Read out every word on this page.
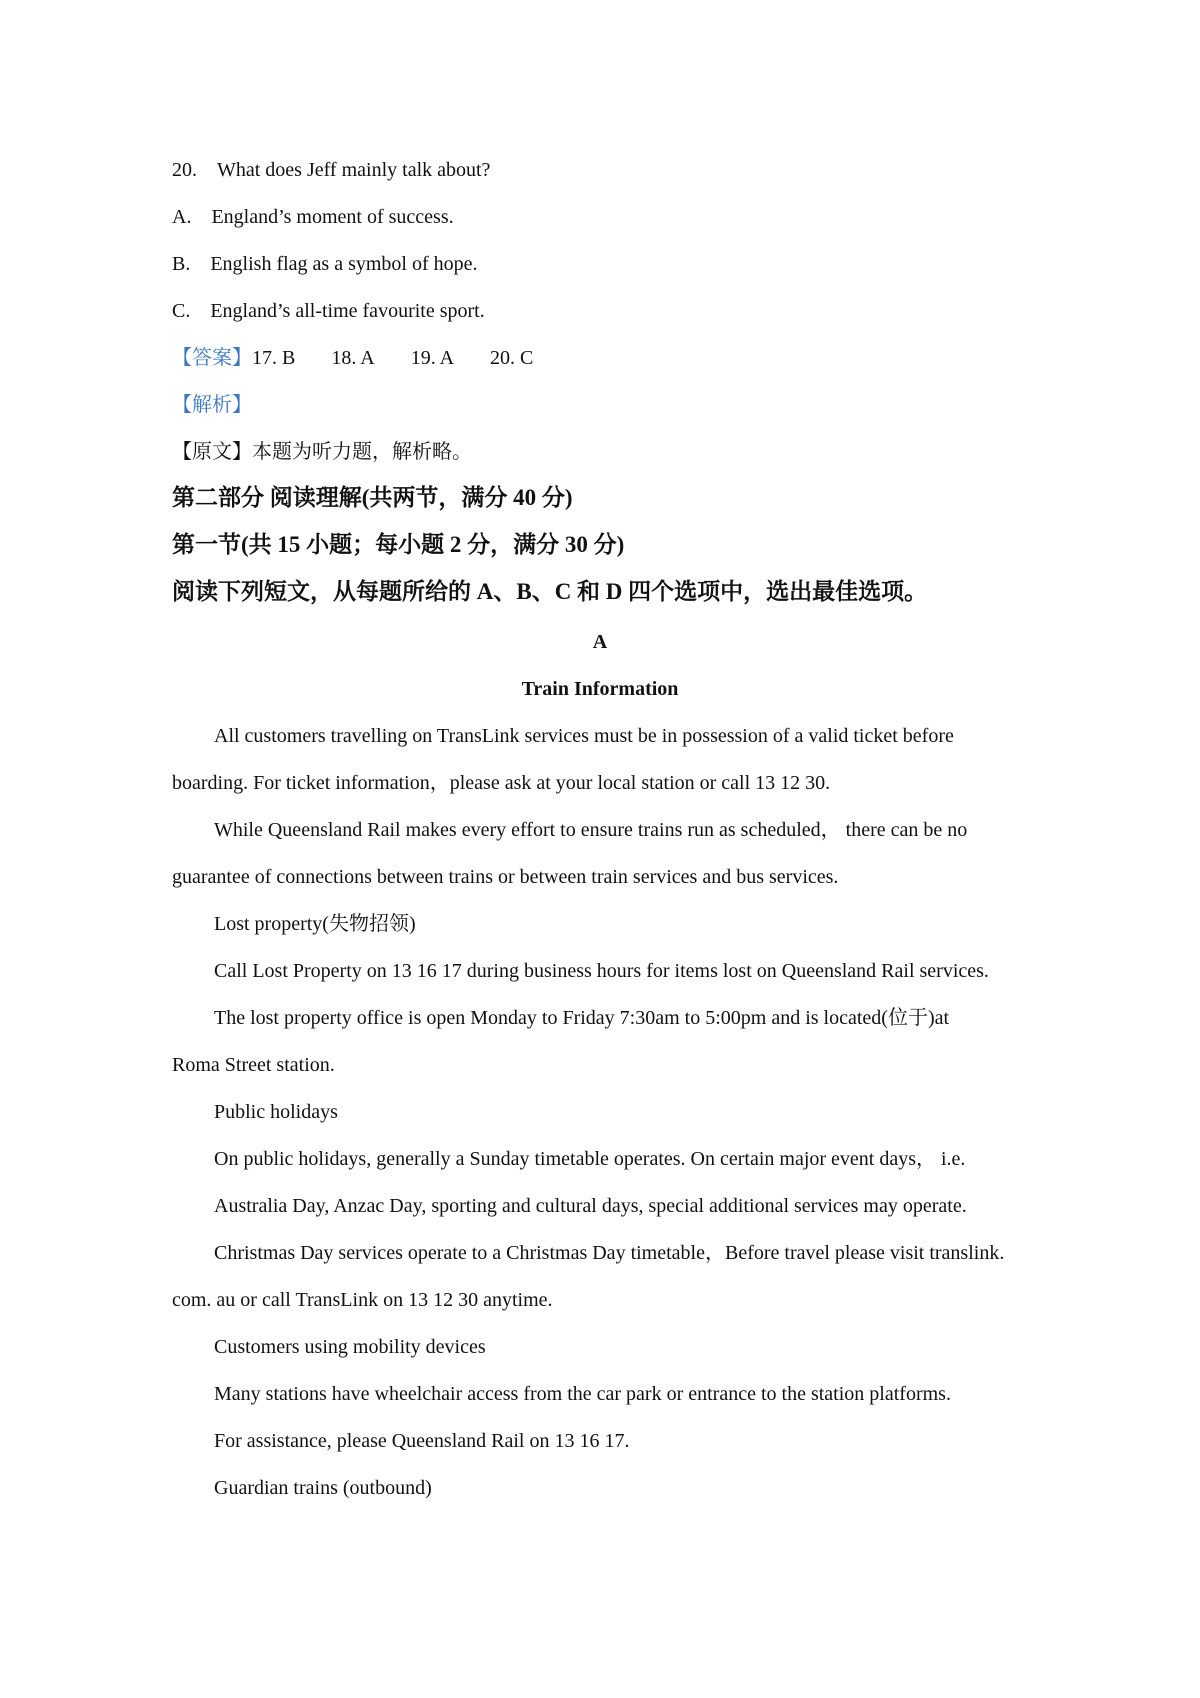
20.　What does Jeff mainly talk about?

A.　England’s moment of success.

B.　English flag as a symbol of hope.

C.　England’s all-time favourite sport.

【答案】17. B 18. A 19. A 20. C

【解析】

【原文】本题为听力题，解析略。

第二部分 阅读理解(共两节，满分 40 分)

第一节(共 15 小题；每小题 2 分，满分 30 分)

阅读下列短文，从每题所给的 A、B、C 和 D 四个选项中，选出最佳选项。

A

Train Information

All customers travelling on TransLink services must be in possession of a valid ticket before

boarding. For ticket information，please ask at your local station or call 13 12 30.

While Queensland Rail makes every effort to ensure trains run as scheduled， there can be no

guarantee of connections between trains or between train services and bus services.

Lost property(失物招领)

Call Lost Property on 13 16 17 during business hours for items lost on Queensland Rail services.

The lost property office is open Monday to Friday 7:30am to 5:00pm and is located(位于)at

Roma Street station.

Public holidays

On public holidays, generally a Sunday timetable operates. On certain major event days， i.e.

Australia Day, Anzac Day, sporting and cultural days, special additional services may operate.

Christmas Day services operate to a Christmas Day timetable，Before travel please visit translink.

com. au or call TransLink on 13 12 30 anytime.

Customers using mobility devices

Many stations have wheelchair access from the car park or entrance to the station platforms.

For assistance, please Queensland Rail on 13 16 17.

Guardian trains (outbound)
